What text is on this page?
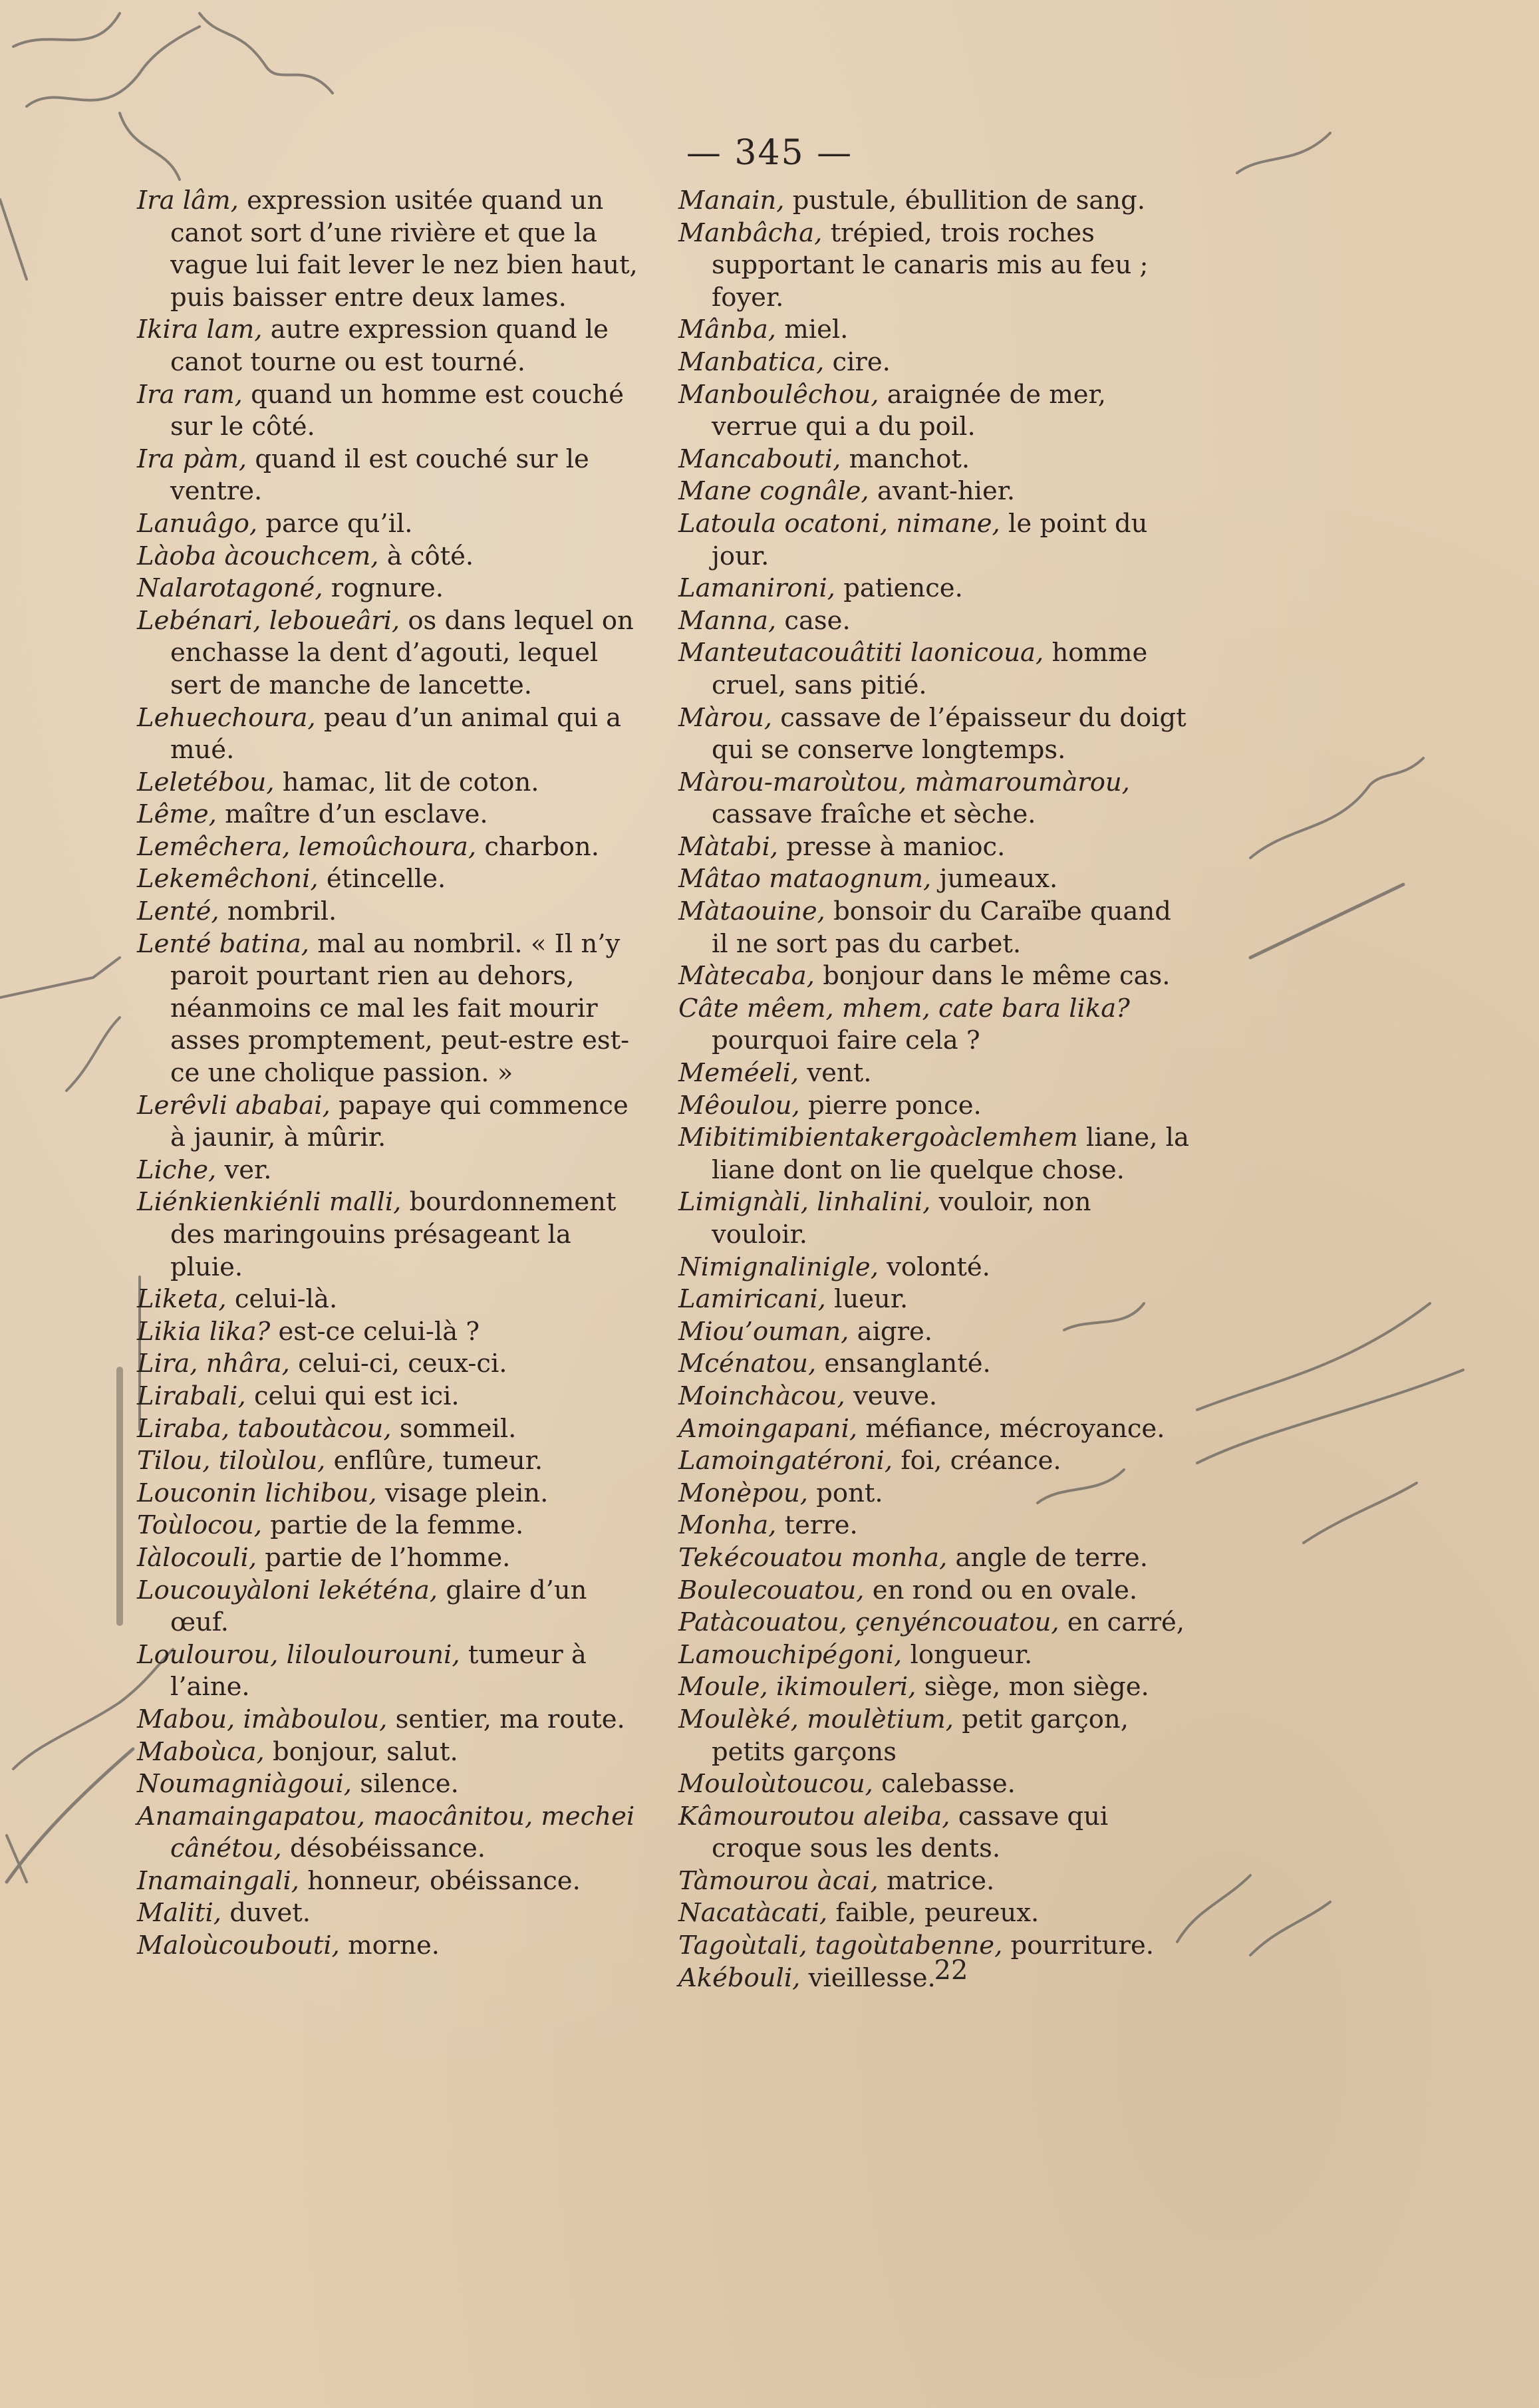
— 345 —

Ira lâm, expression usitée quand un canot sort d’une rivière et que la vague lui fait lever le nez bien haut, puis baisser entre deux lames.

Ikira lam, autre expression quand le canot tourne ou est tourné.

Ira ram, quand un homme est couché sur le côté.

Ira pàm, quand il est couché sur le ventre.

Lanuâgo, parce qu’il.

Làoba àcouchcem, à côté.

Nalarotagoné, rognure.

Lebénari, leboueâri, os dans lequel on enchasse la dent d’agouti, lequel sert de manche de lancette.

Lehuechoura, peau d’un animal qui a mué.

Leletébou, hamac, lit de coton.

Lême, maître d’un esclave.

Lemêchera, lemoûchoura, charbon.

Lekemêchoni, étincelle.

Lenté, nombril.

Lenté batina, mal au nombril. « Il n’y paroit pourtant rien au dehors, néanmoins ce mal les fait mourir asses promptement, peut-estre est-ce une cholique passion. »

Lerêvli ababai, papaye qui commence à jaunir, à mûrir.

Liche, ver.

Liénkienkiénli malli, bourdonnement des maringouins présageant la pluie.

Liketa, celui-là.

Likia lika? est-ce celui-là ?

Lira, nhâra, celui-ci, ceux-ci.

Lirabali, celui qui est ici.

Liraba, taboutàcou, sommeil.

Tilou, tiloùlou, enflûre, tumeur.

Louconin lichibou, visage plein.

Toùlocou, partie de la femme.

Iàlocouli, partie de l’homme.

Loucouyàloni lekéténa, glaire d’un œuf.

Loulourou, liloulourouni, tumeur à l’aine.

Mabou, imàboulou, sentier, ma route.

Maboùca, bonjour, salut.

Noumagniàgoui, silence.

Anamaingapatou, maocânitou, mechei cânétou, désobéissance.

Inamaingali, honneur, obéissance.

Maliti, duvet.

Maloùcoubouti, morne.

Manain, pustule, ébullition de sang.

Manbâcha, trépied, trois roches supportant le canaris mis au feu ; foyer.

Mânba, miel.

Manbatica, cire.

Manboulêchou, araignée de mer, verrue qui a du poil.

Mancabouti, manchot.

Mane cognâle, avant-hier.

Latoula ocatoni, nimane, le point du jour.

Lamanironi, patience.

Manna, case.

Manteutacouâtiti laonicoua, homme cruel, sans pitié.

Màrou, cassave de l’épaisseur du doigt qui se conserve longtemps.

Màrou-maroùtou, màmaroumàrou, cassave fraîche et sèche.

Màtabi, presse à manioc.

Mâtao mataognum, jumeaux.

Màtaouine, bonsoir du Caraïbe quand il ne sort pas du carbet.

Màtecaba, bonjour dans le même cas.

Câte mêem, mhem, cate bara lika? pourquoi faire cela ?

Meméeli, vent.

Mêoulou, pierre ponce.

Mibitimibientakergoàclemhem liane, la liane dont on lie quelque chose.

Limignàli, linhalini, vouloir, non vouloir.

Nimignalinigle, volonté.

Lamiricani, lueur.

Miou’ouman, aigre.

Mcénatou, ensanglanté.

Moinchàcou, veuve.

Amoingapani, méfiance, mécroyance.

Lamoingatéroni, foi, créance.

Monèpou, pont.

Monha, terre.

Tekécouatou monha, angle de terre.

Boulecouatou, en rond ou en ovale.

Patàcouatou, çenyéncouatou, en carré,

Lamouchipégoni, longueur.

Moule, ikimouleri, siège, mon siège.

Moulèké, moulètium, petit garçon, petits garçons

Mouloùtoucou, calebasse.

Kâmouroutou aleiba, cassave qui croque sous les dents.

Tàmourou àcai, matrice.

Nacatàcati, faible, peureux.

Tagoùtali, tagoùtabenne, pourriture.

Akébouli, vieillesse.

22
